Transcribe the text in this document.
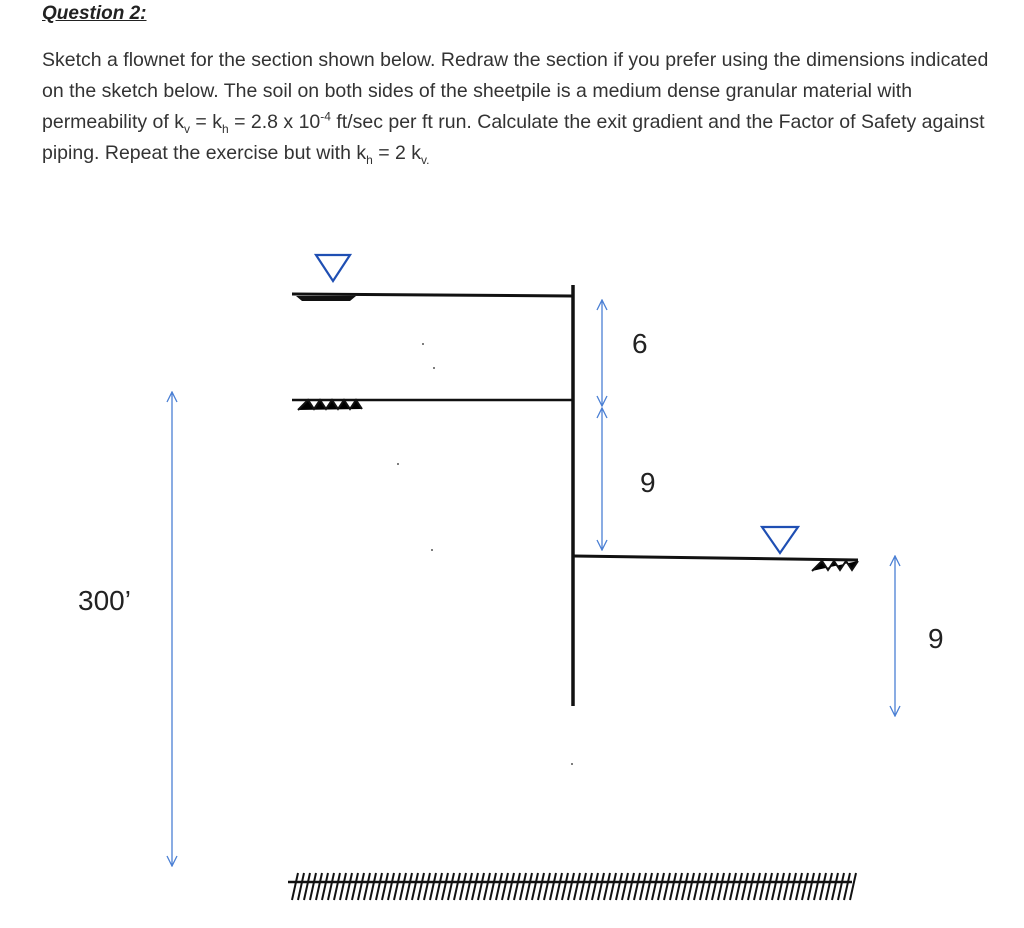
Question 2:
Sketch a flownet for the section shown below. Redraw the section if you prefer using the dimensions indicated on the sketch below. The soil on both sides of the sheetpile is a medium dense granular material with permeability of $k_v = k_h = 2.8$ x $10^{-4}$ ft/sec per ft run. Calculate the exit gradient and the Factor of Safety against piping. Repeat the exercise but with $k_h = 2$ $k_{v.}$
6
9
9
300’
